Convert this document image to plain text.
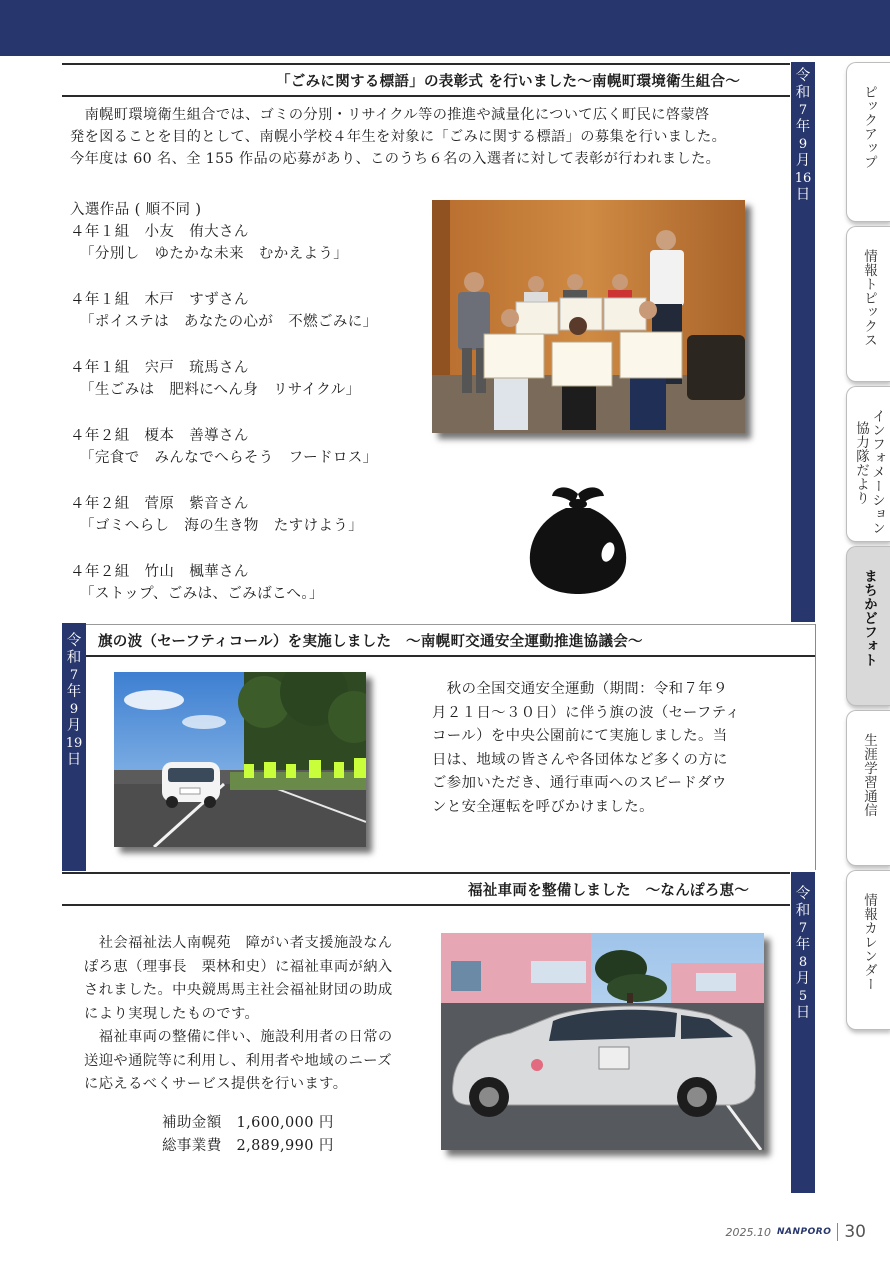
ピックアップ
情報トピックス
インフォメーション
協力隊だより
まちかどフォト
生涯学習通信
情報カレンダー
「ごみに関する標語」の表彰式 を行いました〜南幌町環境衛生組合〜	令
和
7
年
9
月
16
日
　南幌町環境衛生組合では、ゴミの分別・リサイクル等の推進や減量化について広く町民に啓蒙啓
発を図ることを目的として、南幌小学校４年生を対象に「ごみに関する標語」の募集を行いました。
今年度は 60 名、全 155 作品の応募があり、このうち６名の入選者に対して表彰が行われました。
入選作品 ( 順不同 )
４年１組　小友　侑大さん
「分別し　ゆたかな未来　むかえよう」
４年１組　木戸　すずさん
「ポイステは　あなたの心が　不燃ごみに」
４年１組　宍戸　琉馬さん
「生ごみは　肥料にへん身　リサイクル」
４年２組　榎本　善導さん
「完食で　みんなでへらそう　フードロス」
４年２組　菅原　紫音さん
「ゴミへらし　海の生き物　たすけよう」
４年２組　竹山　楓華さん
「ストップ、ごみは、ごみばこへ。」
令
和
7
年
9
月
19
日
旗の波（セーフティコール）を実施しました　〜南幌町交通安全運動推進協議会〜
　秋の全国交通安全運動（期間：令和７年９
月２１日〜３０日）に伴う旗の波（セーフティ
コール）を中央公園前にて実施しました。当
日は、地域の皆さんや各団体など多くの方に
ご参加いただき、通行車両へのスピードダウ
ンと安全運転を呼びかけました。
福祉車両を整備しました　〜なんぽろ恵〜	令
和
7
年
8
月
5
日
　社会福祉法人南幌苑　障がい者支援施設なん
ぽろ恵（理事長　栗林和史）に福祉車両が納入
されました。中央競馬馬主社会福祉財団の助成
により実現したものです。
　福祉車両の整備に伴い、施設利用者の日常の
送迎や通院等に利用し、利用者や地域のニーズ
に応えるべくサービス提供を行います。
補助金額　 1,600,000 円
総事業費　 2,889,990 円
2025.10 NANPORO 30
